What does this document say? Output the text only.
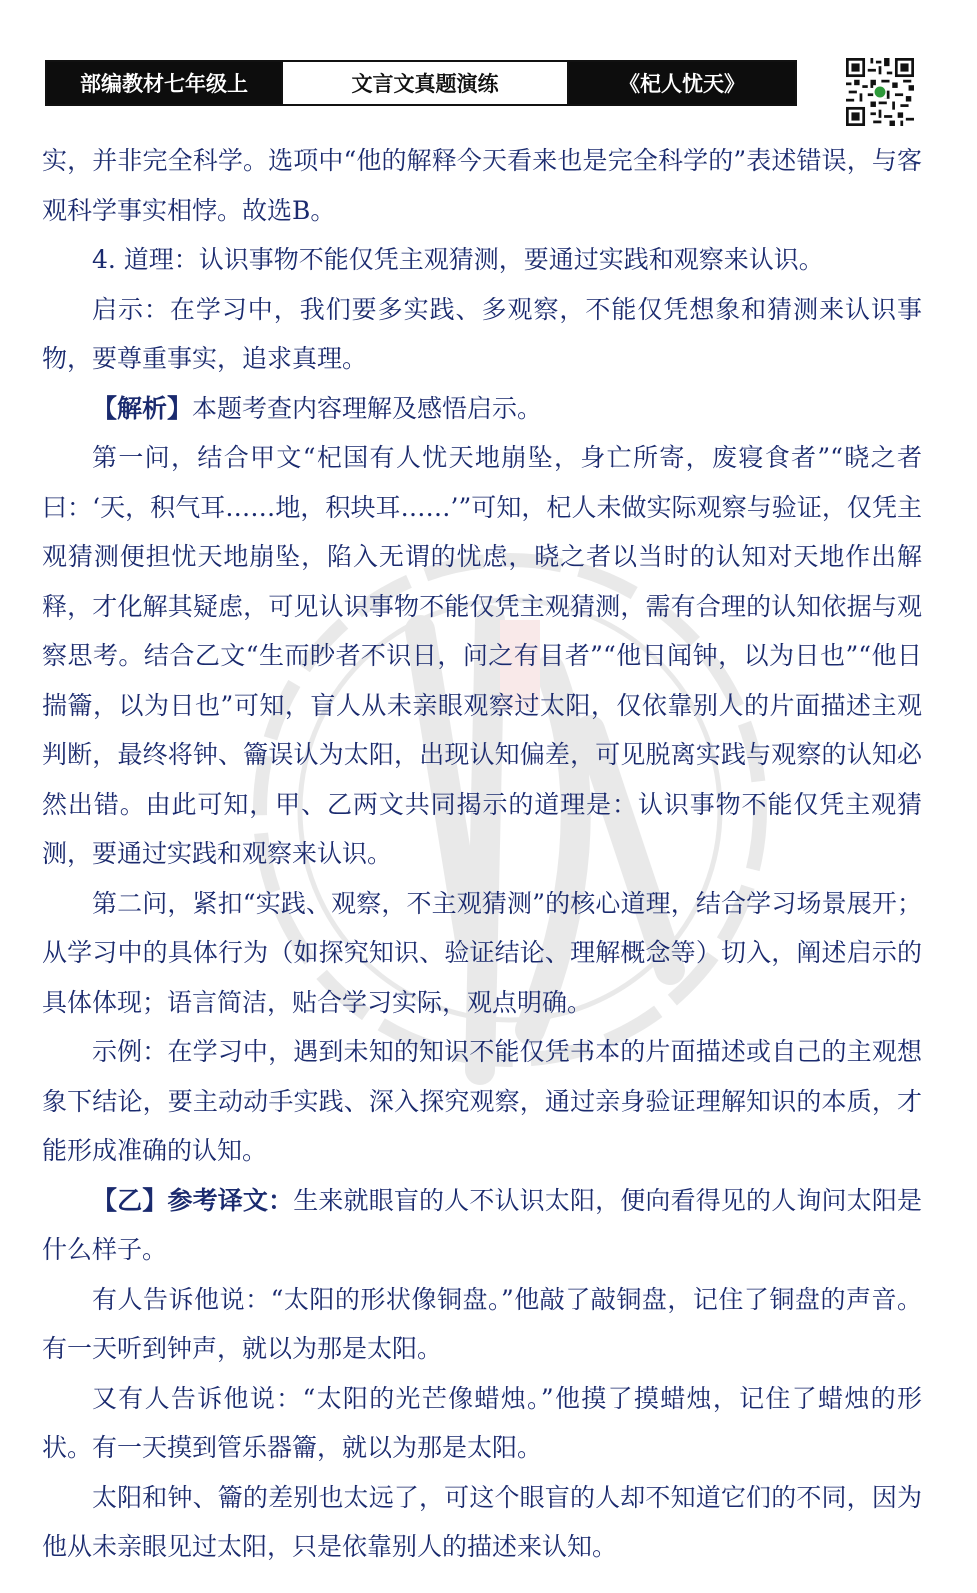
部编教材七年级上	文言文真题演练	《杞人忧天》

实，并非完全科学。选项中“他的解释今天看来也是完全科学的”表述错误，与客观科学事实相悖。故选B。

4. 道理：认识事物不能仅凭主观猜测，要通过实践和观察来认识。

启示：在学习中，我们要多实践、多观察，不能仅凭想象和猜测来认识事物，要尊重事实，追求真理。

【解析】本题考查内容理解及感悟启示。

第一问，结合甲文“杞国有人忧天地崩坠，身亡所寄，废寝食者”“晓之者曰：‘天，积气耳……地，积块耳……’”可知，杞人未做实际观察与验证，仅凭主观猜测便担忧天地崩坠，陷入无谓的忧虑，晓之者以当时的认知对天地作出解释，才化解其疑虑，可见认识事物不能仅凭主观猜测，需有合理的认知依据与观察思考。结合乙文“生而眇者不识日，问之有目者”“他日闻钟，以为日也”“他日揣籥，以为日也”可知，盲人从未亲眼观察过太阳，仅依靠别人的片面描述主观判断，最终将钟、籥误认为太阳，出现认知偏差，可见脱离实践与观察的认知必然出错。由此可知，甲、乙两文共同揭示的道理是：认识事物不能仅凭主观猜测，要通过实践和观察来认识。

第二问，紧扣“实践、观察，不主观猜测”的核心道理，结合学习场景展开；从学习中的具体行为（如探究知识、验证结论、理解概念等）切入，阐述启示的具体体现；语言简洁，贴合学习实际，观点明确。

示例：在学习中，遇到未知的知识不能仅凭书本的片面描述或自己的主观想象下结论，要主动动手实践、深入探究观察，通过亲身验证理解知识的本质，才能形成准确的认知。

【乙】参考译文：生来就眼盲的人不认识太阳，便向看得见的人询问太阳是什么样子。

有人告诉他说：“太阳的形状像铜盘。”他敲了敲铜盘，记住了铜盘的声音。有一天听到钟声，就以为那是太阳。

又有人告诉他说：“太阳的光芒像蜡烛。”他摸了摸蜡烛，记住了蜡烛的形状。有一天摸到管乐器籥，就以为那是太阳。

太阳和钟、籥的差别也太远了，可这个眼盲的人却不知道它们的不同，因为他从未亲眼见过太阳，只是依靠别人的描述来认知。
